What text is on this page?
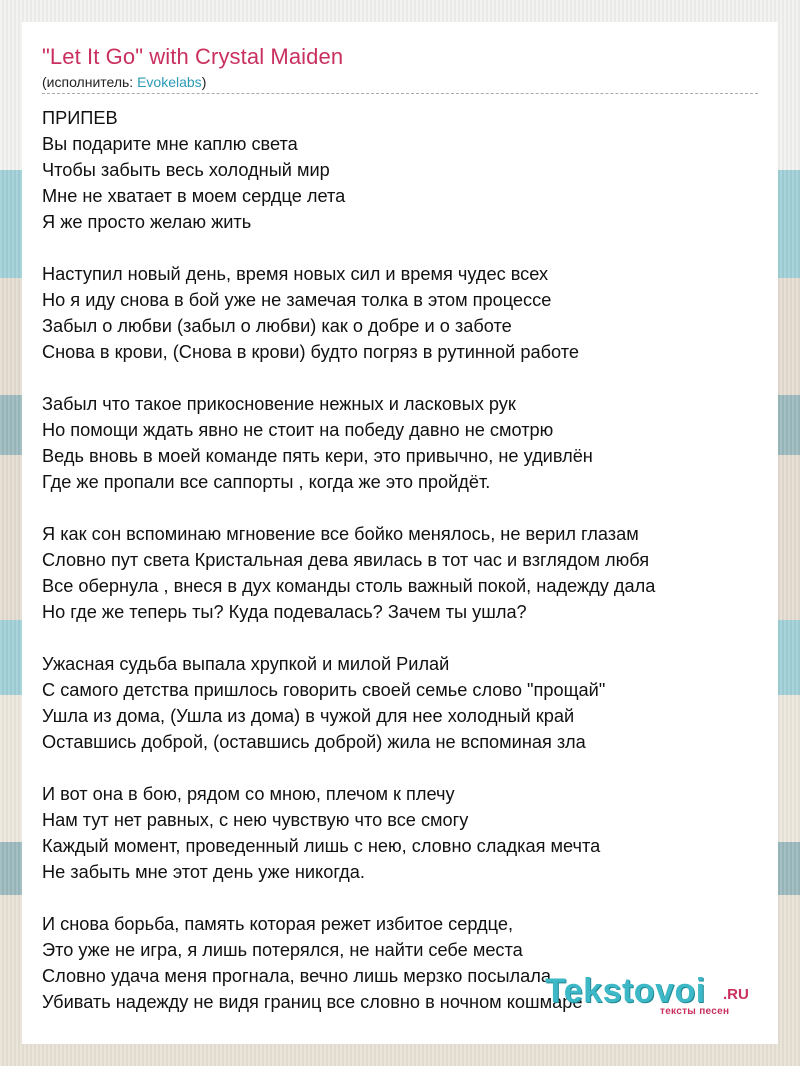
"Let It Go" with Crystal Maiden
(исполнитель: Evokelabs)
ПРИПЕВ
Вы подарите мне каплю света
Чтобы забыть весь холодный мир
Мне не хватает в моем сердце лета
Я же просто желаю жить
Наступил новый день, время новых сил и время чудес всех
Но я иду снова в бой уже не замечая толка в этом процессе
Забыл о любви (забыл о любви) как о добре и о заботе
Снова в крови, (Снова в крови) будто погряз в рутинной работе
Забыл что такое прикосновение нежных и ласковых рук
Но помощи ждать явно не стоит на победу давно не смотрю
Ведь вновь в моей команде пять кери, это привычно, не удивлён
Где же пропали все саппорты , когда же это пройдёт.
Я как сон вспоминаю мгновение все бойко менялось, не верил глазам
Словно пут света Кристальная дева явилась в тот час и взглядом любя
Все обернула , внеся в дух команды столь важный покой, надежду дала
Но где же теперь ты? Куда подевалась? Зачем ты ушла?
Ужасная судьба выпала хрупкой и милой Рилай
С самого детства пришлось говорить своей семье слово "прощай"
Ушла из дома, (Ушла из дома) в чужой для нее холодный край
Оставшись доброй, (оставшись доброй) жила не вспоминая зла
И вот она в бою, рядом со мною, плечом к плечу
Нам тут нет равных, с нею чувствую что все смогу
Каждый момент, проведенный лишь с нею, словно сладкая мечта
Не забыть мне этот день уже никогда.
И снова борьба, память которая режет избитое сердце,
Это уже не игра, я лишь потерялся, не найти себе места
Словно удача меня прогнала, вечно лишь мерзко посылала
Убивать надежду не видя границ все словно в ночном кошмаре
Tekstovoi .RU
тексты песен
